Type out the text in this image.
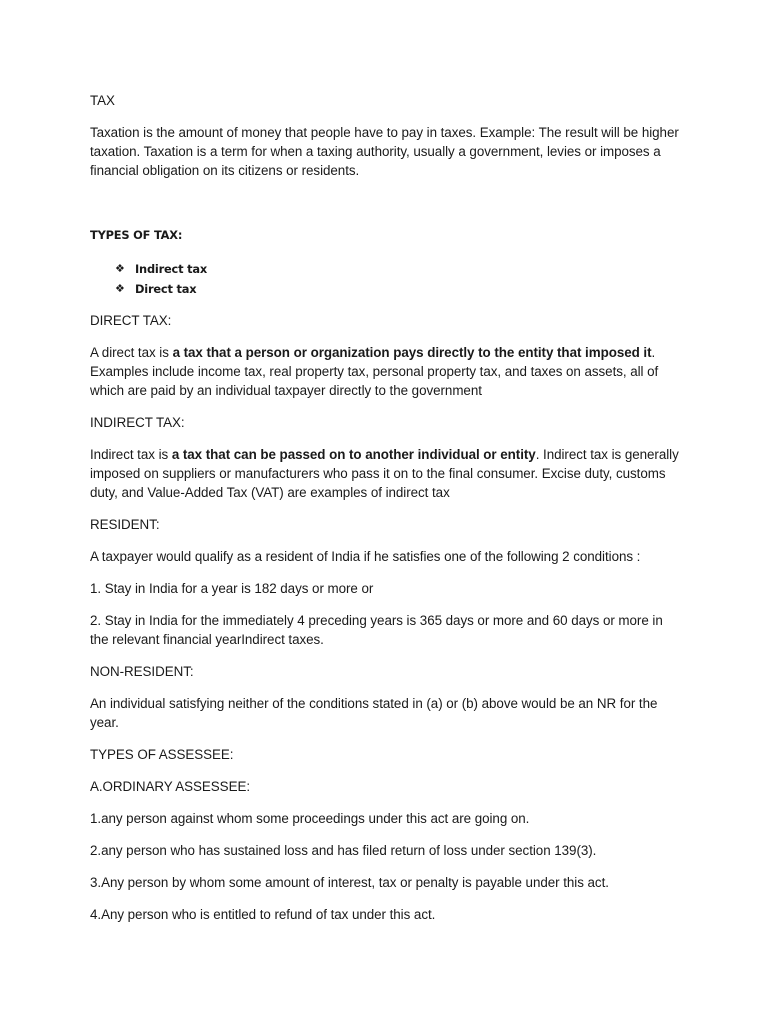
TAX

Taxation is the amount of money that people have to pay in taxes. Example: The result will be higher taxation. Taxation is a term for when a taxing authority, usually a government, levies or imposes a financial obligation on its citizens or residents.

TYPES OF TAX:

❖ Indirect tax
❖ Direct tax

DIRECT TAX:

A direct tax is a tax that a person or organization pays directly to the entity that imposed it. Examples include income tax, real property tax, personal property tax, and taxes on assets, all of which are paid by an individual taxpayer directly to the government

INDIRECT TAX:

Indirect tax is a tax that can be passed on to another individual or entity. Indirect tax is generally imposed on suppliers or manufacturers who pass it on to the final consumer. Excise duty, customs duty, and Value-Added Tax (VAT) are examples of indirect tax

RESIDENT:

A taxpayer would qualify as a resident of India if he satisfies one of the following 2 conditions :

1. Stay in India for a year is 182 days or more or

2. Stay in India for the immediately 4 preceding years is 365 days or more and 60 days or more in the relevant financial yearIndirect taxes.

NON-RESIDENT:

An individual satisfying neither of the conditions stated in (a) or (b) above would be an NR for the year.

TYPES OF ASSESSEE:

A.ORDINARY ASSESSEE:

1.any person against whom some proceedings under this act are going on.

2.any person who has sustained loss and has filed return of loss under section 139(3).

3.Any person by whom some amount of interest, tax or penalty is payable under this act.

4.Any person who is entitled to refund of tax under this act.
